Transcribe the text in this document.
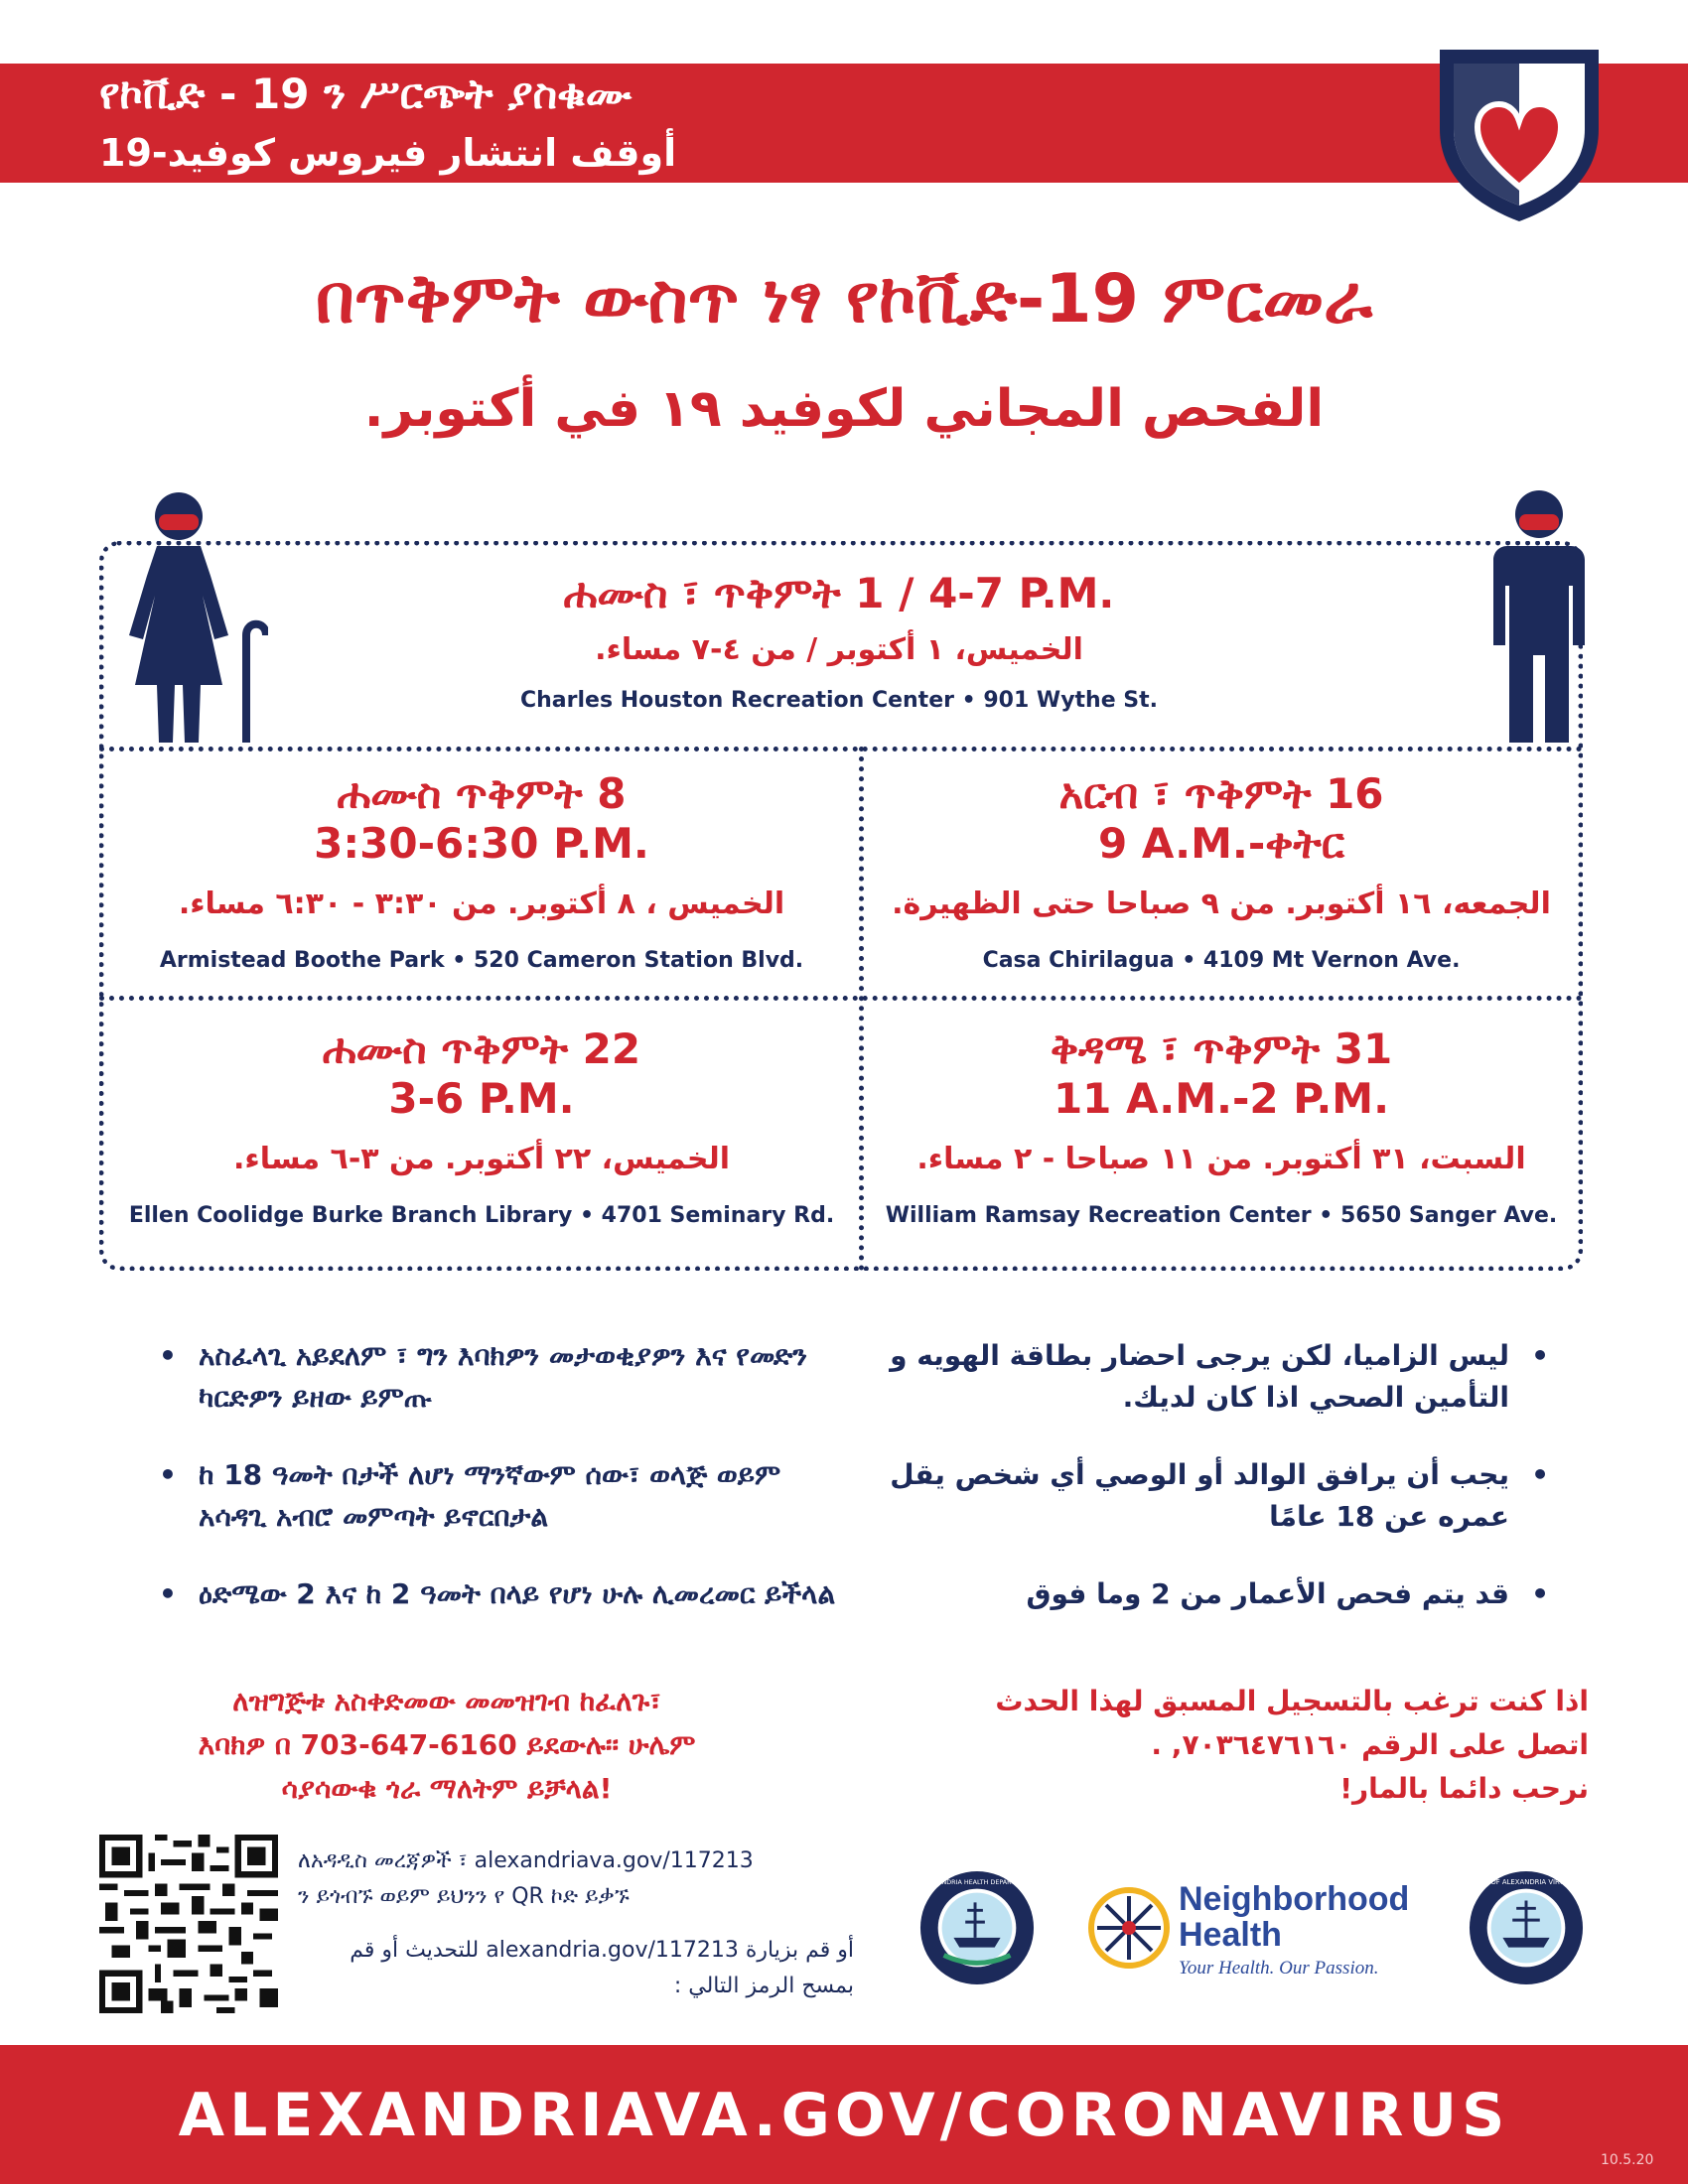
የኮቪድ - 19 ን ሥርጭት ያስቁሙ
أوقف انتشار فيروس كوفيد-19
በጥቅምት ውስጥ ነፃ የኮቪድ-19 ምርመራ
الفحص المجاني لكوفيد ١٩ في أكتوبر.
ሐሙስ ፣ ጥቅምት 1 / 4-7 P.M.
الخميس، ١ أكتوبر / من ٤-٧ مساء.
Charles Houston Recreation Center • 901 Wythe St.
ሐሙስ ጥቅምት 8
3:30-6:30 P.M.
الخميس ، ٨ أكتوبر. من ٣:٣٠ - ٦:٣٠ مساء.
Armistead Boothe Park • 520 Cameron Station Blvd.
አርብ ፣ ጥቅምት 16
9 A.M.-ቀትር
الجمعه، ١٦ أكتوبر. من ٩ صباحا حتى الظهيرة.
Casa Chirilagua • 4109 Mt Vernon Ave.
ሐሙስ ጥቅምት 22
3-6 P.M.
الخميس، ٢٢ أكتوبر. من ٣-٦ مساء.
Ellen Coolidge Burke Branch Library • 4701 Seminary Rd.
ቅዳሜ ፣ ጥቅምት 31
11 A.M.-2 P.M.
السبت، ٣١ أكتوبر. من ١١ صباحا - ٢ مساء.
William Ramsay Recreation Center • 5650 Sanger Ave.
• አስፈላጊ አይደለም ፣ ግን እባክዎን መታወቂያዎን እና የመድን ካርድዎን ይዘው ይምጡ
• ከ 18 ዓመት በታች ለሆነ ማንኛውም ሰው፣ ወላጅ ወይም አሳዳጊ አብሮ መምጣት ይኖርበታል
• ዕድሜው 2 እና ከ 2 ዓመት በላይ የሆነ ሁሉ ሊመረመር ይችላል
• ليس الزاميا، لكن يرجى احضار بطاقة الهويه و التأمين الصحي اذا كان لديك.
• يجب أن يرافق الوالد أو الوصي أي شخص يقل عمره عن 18 عامًا
• قد يتم فحص الأعمار من 2 وما فوق
ለዝግጅቱ አስቀድመው መመዝገብ ከፈለጉ፣
እባክዎ በ 703-647-6160 ይደውሉ፡፡ ሁሌም
ሳያሳውቁ ጎራ ማለትም ይቻላል!
اذا كنت ترغب بالتسجيل المسبق لهذا الحدث
اتصل على الرقم ٧٠٣٦٤٧٦١٦٠, .
نرحب دائما بالمار!
ለአዳዲስ መረጃዎች ፣ alexandriava.gov/117213
ን ይጎብኙ ወይም ይህንን የ QR ኮድ ይቃኙ
أو قم بزيارة alexandria.gov/117213 للتحديث أو قم
بمسح الرمز التالي :
ALEXANDRIA HEALTH DEPARTMENT	Neighborhood
Health
Your Health. Our Passion.
CITY OF ALEXANDRIA VIRGINIA
ALEXANDRIAVA.GOV/CORONAVIRUS
10.5.20
